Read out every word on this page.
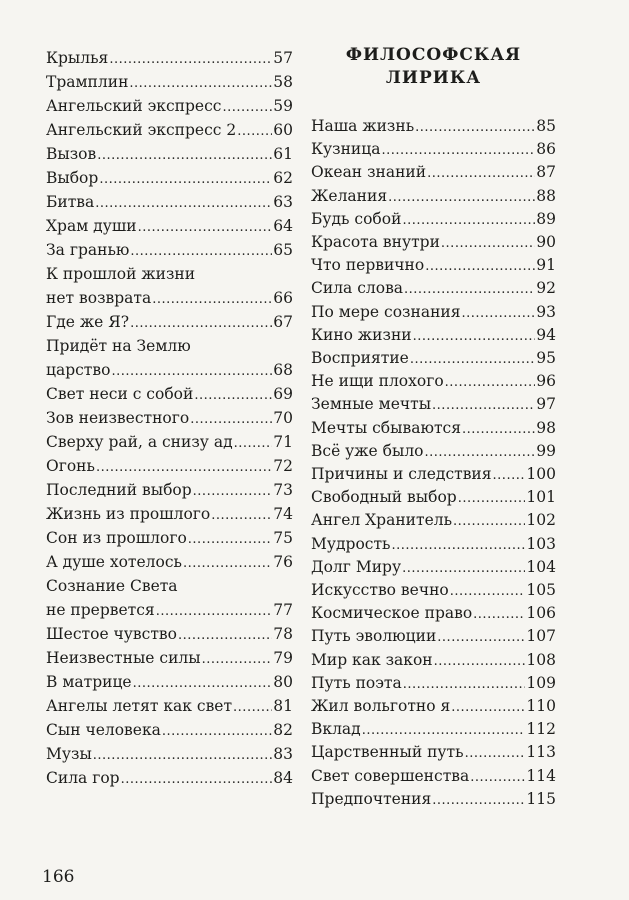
ФИЛОСОФСКАЯ
ЛИРИКА
Крылья .....	57
Трамплин .....	58
Ангельский экспресс .....	59
Ангельский экспресс 2 ..... 60
Вызов .....	61
Выбор .....	62
Битва .....	63
Храм души .....	64
За гранью .....	65
К прошлой жизни
нет возврата .....	66
Где же Я? .....	67
Придёт на Землю
царство .....	68
Свет неси с собой .....	69
Зов неизвестного .....	70
Сверху рай, а снизу ад .....	71
Огонь .....	72
Последний выбор .....	73
Жизнь из прошлого .....	74
Сон из прошлого .....	75
А душе хотелось .....	76
Сознание Света
не прервется .....	77
Шестое чувство .....	78
Неизвестные силы .....	79
В матрице .....	80
Ангелы летят как свет .....	81
Сын человека .....	82
Музы .....	83
Сила гор .....	84
Наша жизнь .....	85
Кузница .....	86
Океан знаний .....	87
Желания .....	88
Будь собой .....	89
Красота внутри .....	90
Что первично .....	91
Сила слова .....	92
По мере сознания .....	93
Кино жизни .....	94
Восприятие .....	95
Не ищи плохого .....	96
Земные мечты .....	97
Мечты сбываются .....	98
Всё уже было .....	99
Причины и следствия ..... 100
Свободный выбор .....	101
Ангел Хранитель .....	102
Мудрость .....	103
Долг Миру .....	104
Искусство вечно .....	105
Космическое право .....	106
Путь эволюции .....	107
Мир как закон .....	108
Путь поэта .....	109
Жил вольготно я .....	110
Вклад .....	112
Царственный путь .....	113
Свет совершенства .....	114
Предпочтения .....	115
166
